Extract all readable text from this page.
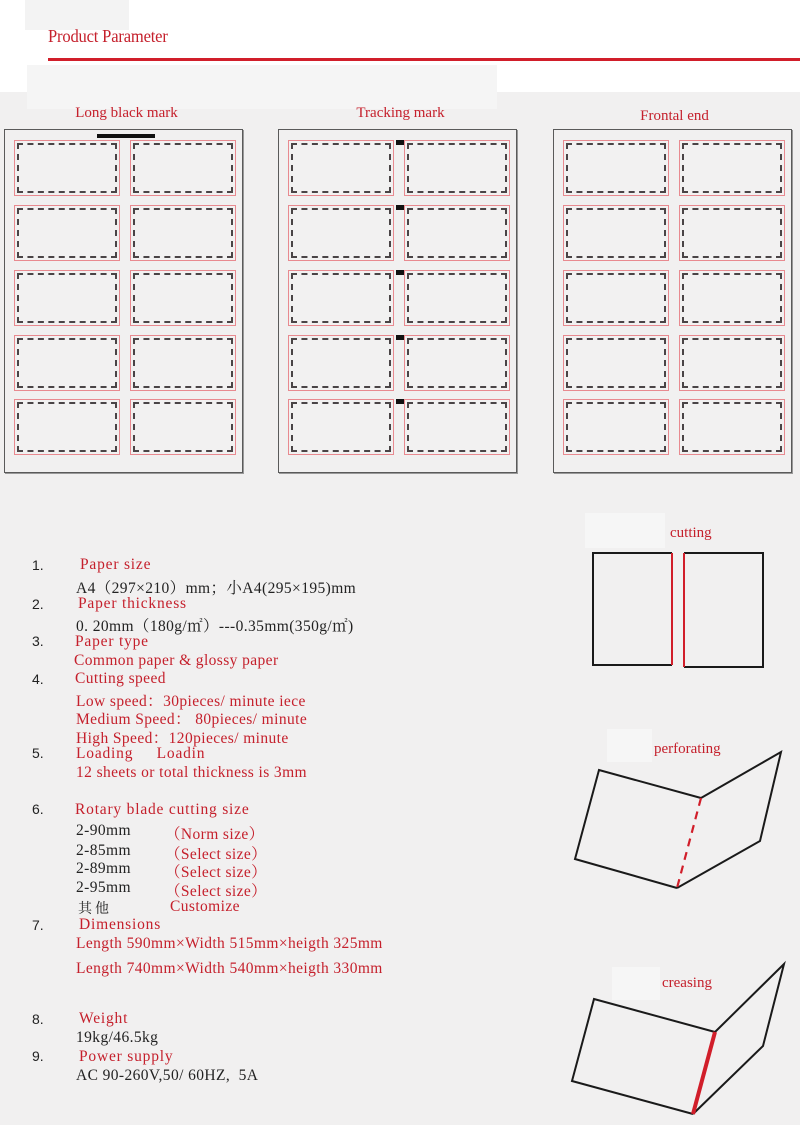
Product Parameter
Long black mark	Tracking mark	Frontal end
1. Paper size
A4（297×210）mm；小A4(295×195)mm
2. Paper thickness
0. 20mm（180g/㎡）---0.35mm(350g/㎡)
3. Paper type
Common paper & glossy paper
4. Cutting speed
Low speed：30pieces/ minute iece
Medium Speed： 80pieces/ minute
High Speed：120pieces/ minute
5. Loading     Loadin
12 sheets or total thickness is 3mm
6. Rotary blade cutting size
2-90mm （Norm size）
2-85mm （Select size）
2-89mm （Select size）
2-95mm （Select size）
其他	Customize
7. Dimensions
Length 590mm×Width 515mm×heigth 325mm
Length 740mm×Width 540mm×heigth 330mm
8. Weight
19kg/46.5kg
9. Power supply
AC 90-260V,50/ 60HZ,  5A
cutting
perforating
creasing
